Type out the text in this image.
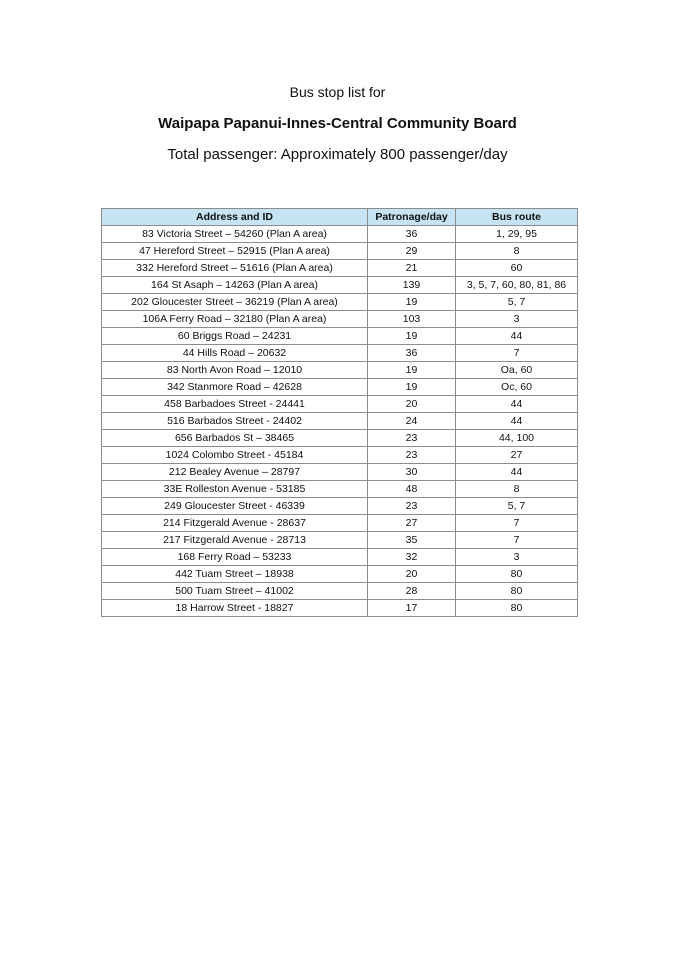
Bus stop list for
Waipapa Papanui-Innes-Central Community Board
Total passenger: Approximately 800 passenger/day
Address and ID	Patronage/day	Bus route
83 Victoria Street – 54260 (Plan A area)	36	1, 29, 95
47 Hereford Street – 52915 (Plan A area)	29	8
332 Hereford Street – 51616 (Plan A area)	21	60
164 St Asaph – 14263 (Plan A area)	139	3, 5, 7, 60, 80, 81, 86
202 Gloucester Street – 36219 (Plan A area)	19	5, 7
106A Ferry Road – 32180 (Plan A area)	103	3
60 Briggs Road – 24231	19	44
44 Hills Road – 20632	36	7
83 North Avon Road – 12010	19	Oa, 60
342 Stanmore Road – 42628	19	Oc, 60
458 Barbadoes Street - 24441	20	44
516 Barbados Street - 24402	24	44
656 Barbados St – 38465	23	44, 100
1024 Colombo Street - 45184	23	27
212 Bealey Avenue – 28797	30	44
33E Rolleston Avenue - 53185	48	8
249 Gloucester Street - 46339	23	5, 7
214 Fitzgerald Avenue - 28637	27	7
217 Fitzgerald Avenue - 28713	35	7
168 Ferry Road – 53233	32	3
442 Tuam Street – 18938	20	80
500 Tuam Street – 41002	28	80
18 Harrow Street - 18827	17	80
